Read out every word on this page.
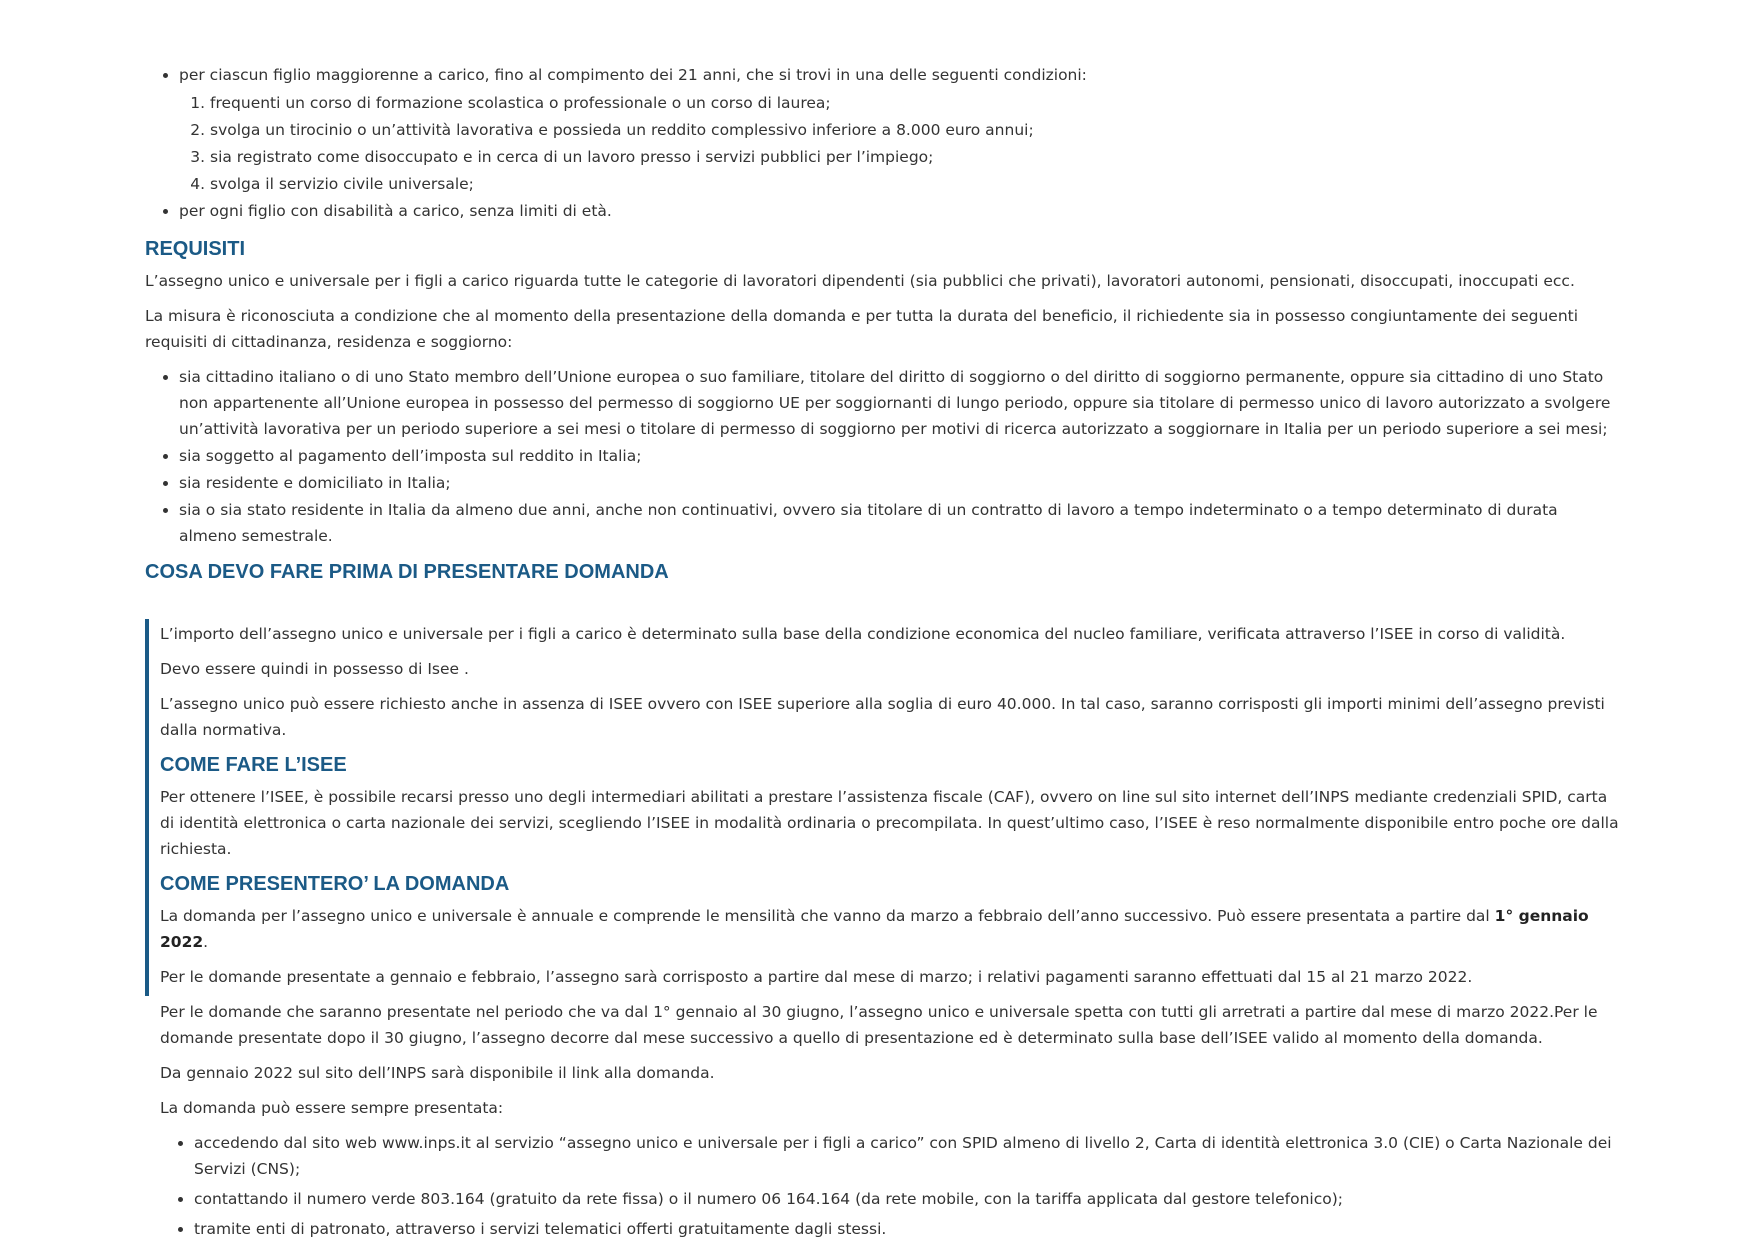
• per ciascun figlio maggiorenne a carico, fino al compimento dei 21 anni, che si trovi in una delle seguenti condizioni:
1. frequenti un corso di formazione scolastica o professionale o un corso di laurea;
2. svolga un tirocinio o un’attività lavorativa e possieda un reddito complessivo inferiore a 8.000 euro annui;
3. sia registrato come disoccupato e in cerca di un lavoro presso i servizi pubblici per l’impiego;
4. svolga il servizio civile universale;
• per ogni figlio con disabilità a carico, senza limiti di età.
REQUISITI

L’assegno unico e universale per i figli a carico riguarda tutte le categorie di lavoratori dipendenti (sia pubblici che privati), lavoratori autonomi, pensionati, disoccupati, inoccupati ecc.

La misura è riconosciuta a condizione che al momento della presentazione della domanda e per tutta la durata del beneficio, il richiedente sia in possesso congiuntamente dei seguenti requisiti di cittadinanza, residenza e soggiorno:

• sia cittadino italiano o di uno Stato membro dell’Unione europea o suo familiare, titolare del diritto di soggiorno o del diritto di soggiorno permanente, oppure sia cittadino di uno Stato non appartenente all’Unione europea in possesso del permesso di soggiorno UE per soggiornanti di lungo periodo, oppure sia titolare di permesso unico di lavoro autorizzato a svolgere un’attività lavorativa per un periodo superiore a sei mesi o titolare di permesso di soggiorno per motivi di ricerca autorizzato a soggiornare in Italia per un periodo superiore a sei mesi;
• sia soggetto al pagamento dell’imposta sul reddito in Italia;
• sia residente e domiciliato in Italia;
• sia o sia stato residente in Italia da almeno due anni, anche non continuativi, ovvero sia titolare di un contratto di lavoro a tempo indeterminato o a tempo determinato di durata almeno semestrale.
COSA DEVO FARE PRIMA DI PRESENTARE DOMANDA

L’importo dell’assegno unico e universale per i figli a carico è determinato sulla base della condizione economica del nucleo familiare, verificata attraverso l’ISEE in corso di validità.

Devo essere quindi in possesso di Isee .

L’assegno unico può essere richiesto anche in assenza di ISEE ovvero con ISEE superiore alla soglia di euro 40.000. In tal caso, saranno corrisposti gli importi minimi dell’assegno previsti dalla normativa.

COME FARE L’ISEE

Per ottenere l’ISEE, è possibile recarsi presso uno degli intermediari abilitati a prestare l’assistenza fiscale (CAF), ovvero on line sul sito internet dell’INPS mediante credenziali SPID, carta di identità elettronica o carta nazionale dei servizi, scegliendo l’ISEE in modalità ordinaria o precompilata. In quest’ultimo caso, l’ISEE è reso normalmente disponibile entro poche ore dalla richiesta.

COME PRESENTERO’ LA DOMANDA

La domanda per l’assegno unico e universale è annuale e comprende le mensilità che vanno da marzo a febbraio dell’anno successivo. Può essere presentata a partire dal 1° gennaio 2022.

Per le domande presentate a gennaio e febbraio, l’assegno sarà corrisposto a partire dal mese di marzo; i relativi pagamenti saranno effettuati dal 15 al 21 marzo 2022.

Per le domande che saranno presentate nel periodo che va dal 1° gennaio al 30 giugno, l’assegno unico e universale spetta con tutti gli arretrati a partire dal mese di marzo 2022.Per le domande presentate dopo il 30 giugno, l’assegno decorre dal mese successivo a quello di presentazione ed è determinato sulla base dell’ISEE valido al momento della domanda.

Da gennaio 2022 sul sito dell’INPS sarà disponibile il link alla domanda.

La domanda può essere sempre presentata:

• accedendo dal sito web www.inps.it al servizio “assegno unico e universale per i figli a carico” con SPID almeno di livello 2, Carta di identità elettronica 3.0 (CIE) o Carta Nazionale dei Servizi (CNS);
• contattando il numero verde 803.164 (gratuito da rete fissa) o il numero 06 164.164 (da rete mobile, con la tariffa applicata dal gestore telefonico);
• tramite enti di patronato, attraverso i servizi telematici offerti gratuitamente dagli stessi.
